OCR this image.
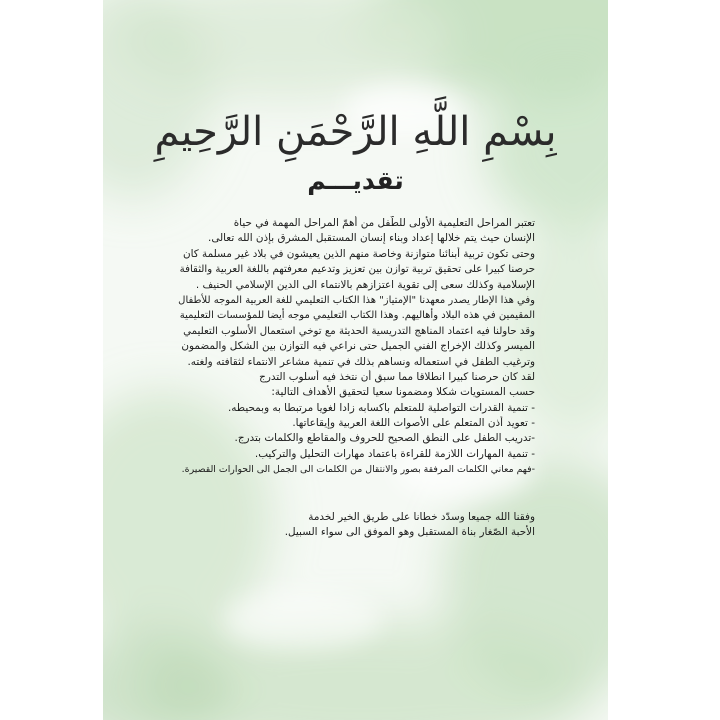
بِسْمِ اللَّهِ الرَّحْمَنِ الرَّحِيمِ
تقديـــم
تعتبر المراحل التعليمية الأولى للطّفل من أهمّ المراحل المهمة في حياة
الإنسان حيث يتم خلالها إعداد وبناء إنسان المستقبل المشرق بإذن الله تعالى.
وحتى تكون تربية أبنائنا متوازنة وخاصة منهم الذين يعيشون في بلاد غير مسلمة كان
حرصنا كبيرا على تحقيق تربية توازن بين تعزيز وتدعيم معرفتهم باللغة العربية والثقافة
الإسلامية وكذلك سعى إلى تقوية اعتزازهم بالانتماء الى الدين الإسلامي الحنيف .
وفي هذا الإطار يصدر معهدنا "الإمتياز" هذا الكتاب التعليمي للغة العربية الموجه للأطفال
المقيمين في هذه البلاد وأهاليهم. وهذا الكتاب التعليمي موجه أيضا للمؤسسات التعليمية
وقد حاولنا فيه اعتماد المناهج التدريسية الحديثة مع توخي استعمال الأسلوب التعليمي
الميسر وكذلك الإخراج الفني الجميل حتى نراعي فيه التوازن بين الشكل والمضمون
وترغيب الطفل في استعماله ونساهم بذلك في تنمية مشاعر الانتماء لثقافته ولغته.
لقد كان حرصنا كبيرا انطلاقا مما سبق أن نتخذ فيه أسلوب التدرج
حسب المستويات شكلا ومضمونا سعيا لتحقيق الأهداف التالية:
- تنمية القدرات التواصلية للمتعلم باكسابه زادا لغويا مرتبطا به وبمحيطه.
- تعويد أذن المتعلم على الأصوات اللغة العربية وإيقاعاتها.
-تدريب الطفل على النطق الصحيح للحروف والمقاطع والكلمات بتدرج.
- تنمية المهارات اللازمة للقراءة باعتماد مهارات التحليل والتركيب.
-فهم معاني الكلمات المرفقة بصور والانتقال من الكلمات الى الجمل الى الحوارات القصيرة.
وفقنا الله جميعا وسدّد خطانا على طريق الخير لخدمة
الأحبة الصّغار بناة المستقبل وهو الموفق الى سواء السبيل.
